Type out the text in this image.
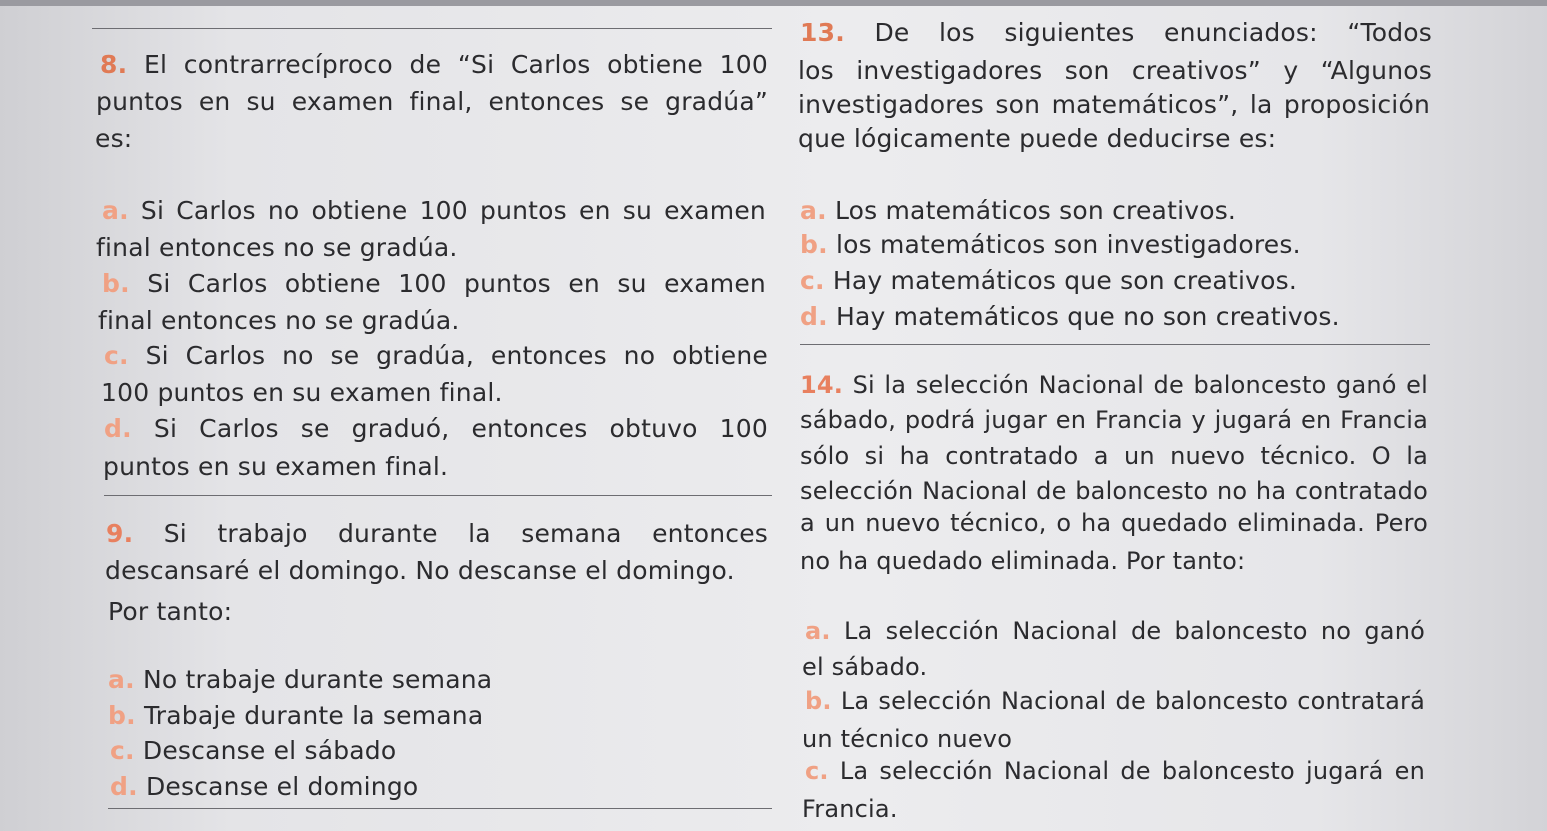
8. El contrarrecíproco de “Si Carlos obtiene 100
puntos en su examen final, entonces se gradúa”
es:
a. Si Carlos no obtiene 100 puntos en su examen
final entonces no se gradúa.
b. Si Carlos obtiene 100 puntos en su examen
final entonces no se gradúa.
c. Si Carlos no se gradúa, entonces no obtiene
100 puntos en su examen final.
d. Si Carlos se graduó, entonces obtuvo 100
puntos en su examen final.
9. Si trabajo durante la semana entonces
descansaré el domingo. No descanse el domingo.
Por tanto:
a. No trabaje durante semana
b. Trabaje durante la semana
c. Descanse el sábado
d. Descanse el domingo
13. De los siguientes enunciados: “Todos
los investigadores son creativos” y “Algunos
investigadores son matemáticos”, la proposición
que lógicamente puede deducirse es:
a. Los matemáticos son creativos.
b. los matemáticos son investigadores.
c. Hay matemáticos que son creativos.
d. Hay matemáticos que no son creativos.
14. Si la selección Nacional de baloncesto ganó el
sábado, podrá jugar en Francia y jugará en Francia
sólo si ha contratado a un nuevo técnico. O la
selección Nacional de baloncesto no ha contratado
a un nuevo técnico, o ha quedado eliminada. Pero
no ha quedado eliminada. Por tanto:
a. La selección Nacional de baloncesto no ganó
el sábado.
b. La selección Nacional de baloncesto contratará
un técnico nuevo
c. La selección Nacional de baloncesto jugará en
Francia.
